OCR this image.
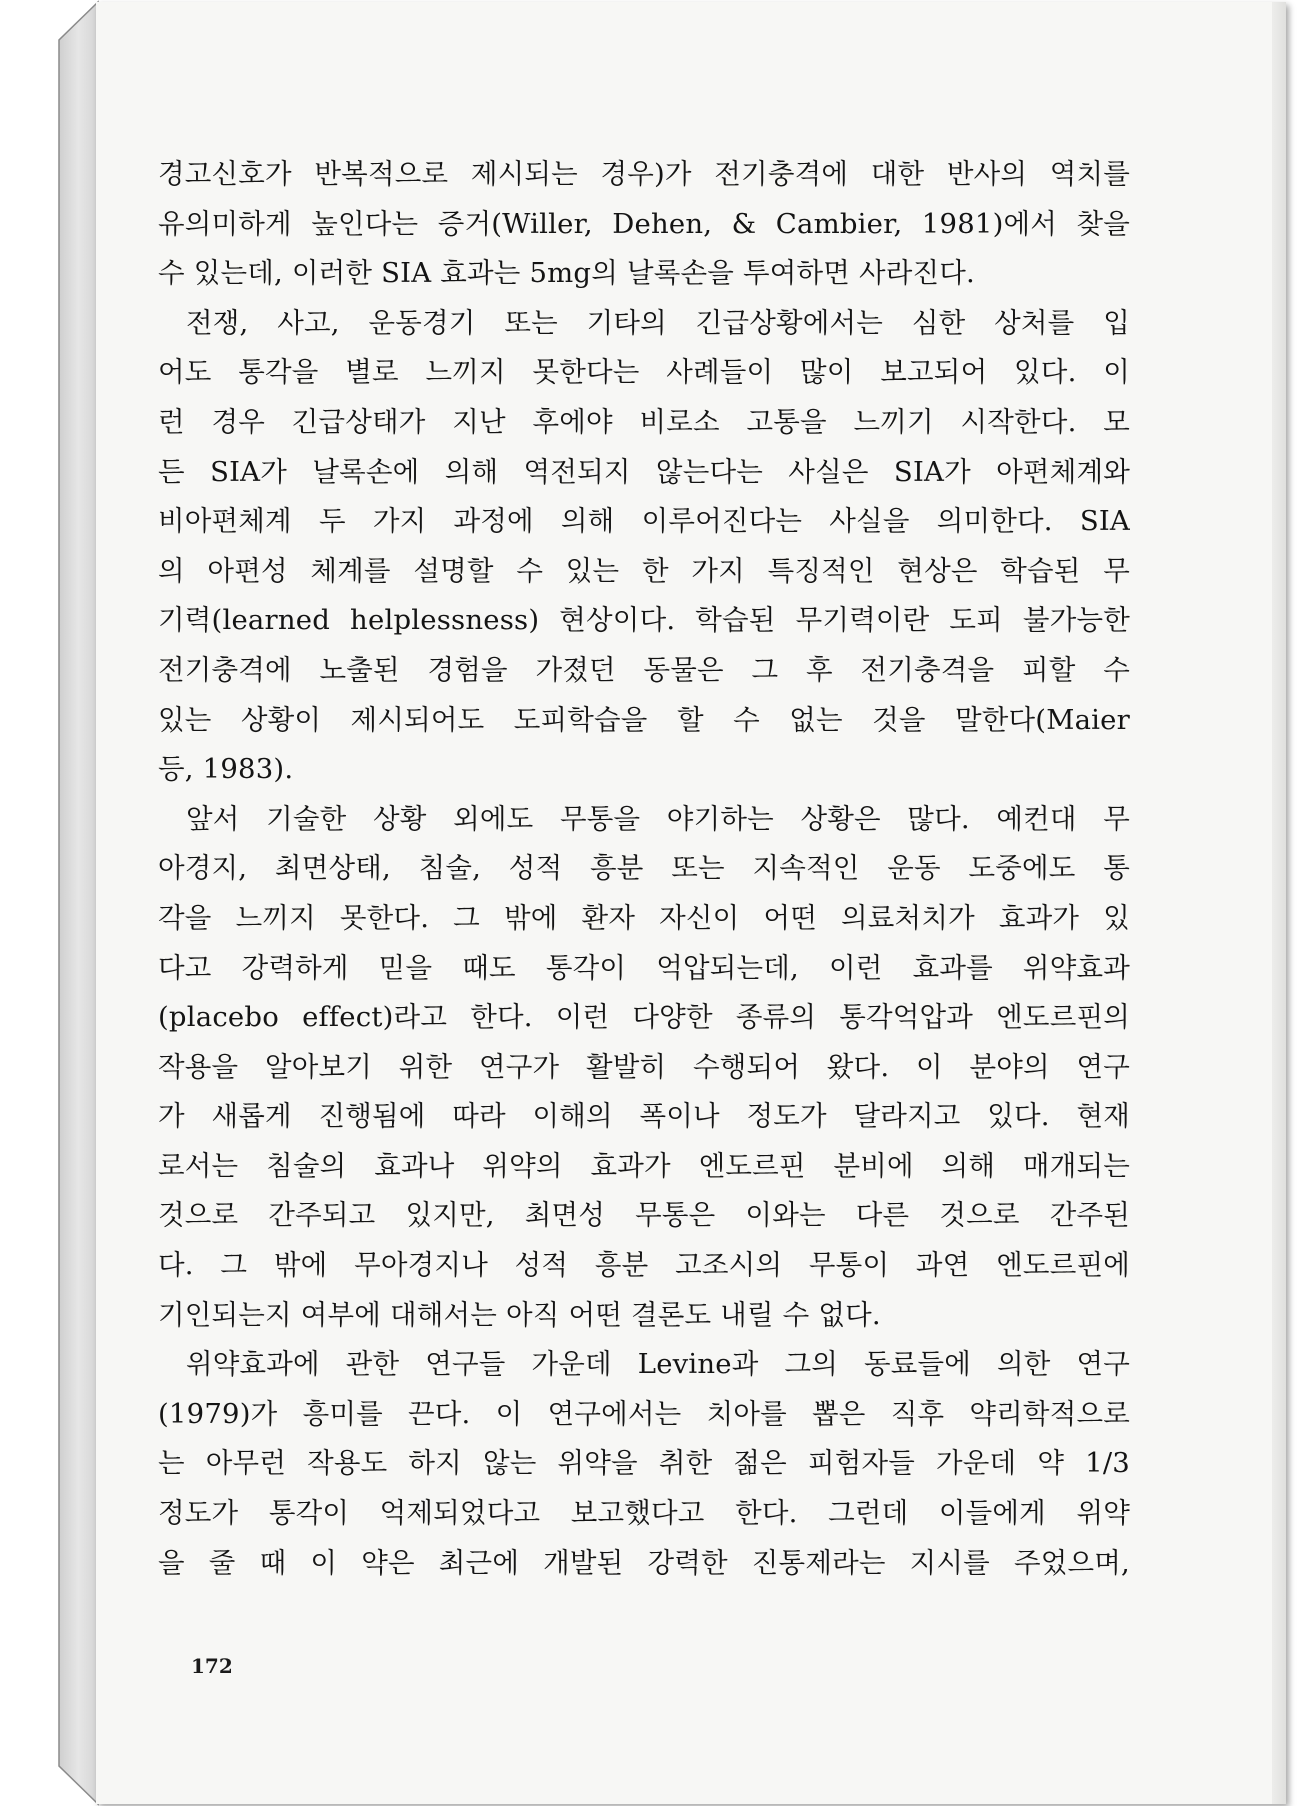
경고신호가 반복적으로 제시되는 경우)가 전기충격에 대한 반사의 역치를
유의미하게 높인다는 증거(Willer, Dehen, & Cambier, 1981)에서 찾을
수 있는데, 이러한 SIA 효과는 5mg의 날록손을 투여하면 사라진다.
전쟁, 사고, 운동경기 또는 기타의 긴급상황에서는 심한 상처를 입
어도 통각을 별로 느끼지 못한다는 사례들이 많이 보고되어 있다. 이
런 경우 긴급상태가 지난 후에야 비로소 고통을 느끼기 시작한다. 모
든 SIA가 날록손에 의해 역전되지 않는다는 사실은 SIA가 아편체계와
비아편체계 두 가지 과정에 의해 이루어진다는 사실을 의미한다. SIA
의 아편성 체계를 설명할 수 있는 한 가지 특징적인 현상은 학습된 무
기력(learned helplessness) 현상이다. 학습된 무기력이란 도피 불가능한
전기충격에 노출된 경험을 가졌던 동물은 그 후 전기충격을 피할 수
있는 상황이 제시되어도 도피학습을 할 수 없는 것을 말한다(Maier
등, 1983).
앞서 기술한 상황 외에도 무통을 야기하는 상황은 많다. 예컨대 무
아경지, 최면상태, 침술, 성적 흥분 또는 지속적인 운동 도중에도 통
각을 느끼지 못한다. 그 밖에 환자 자신이 어떤 의료처치가 효과가 있
다고 강력하게 믿을 때도 통각이 억압되는데, 이런 효과를 위약효과
(placebo effect)라고 한다. 이런 다양한 종류의 통각억압과 엔도르핀의
작용을 알아보기 위한 연구가 활발히 수행되어 왔다. 이 분야의 연구
가 새롭게 진행됨에 따라 이해의 폭이나 정도가 달라지고 있다. 현재
로서는 침술의 효과나 위약의 효과가 엔도르핀 분비에 의해 매개되는
것으로 간주되고 있지만, 최면성 무통은 이와는 다른 것으로 간주된
다. 그 밖에 무아경지나 성적 흥분 고조시의 무통이 과연 엔도르핀에
기인되는지 여부에 대해서는 아직 어떤 결론도 내릴 수 없다.
위약효과에 관한 연구들 가운데 Levine과 그의 동료들에 의한 연구
(1979)가 흥미를 끈다. 이 연구에서는 치아를 뽑은 직후 약리학적으로
는 아무런 작용도 하지 않는 위약을 취한 젊은 피험자들 가운데 약 1/3
정도가 통각이 억제되었다고 보고했다고 한다. 그런데 이들에게 위약
을 줄 때 이 약은 최근에 개발된 강력한 진통제라는 지시를 주었으며,
172
